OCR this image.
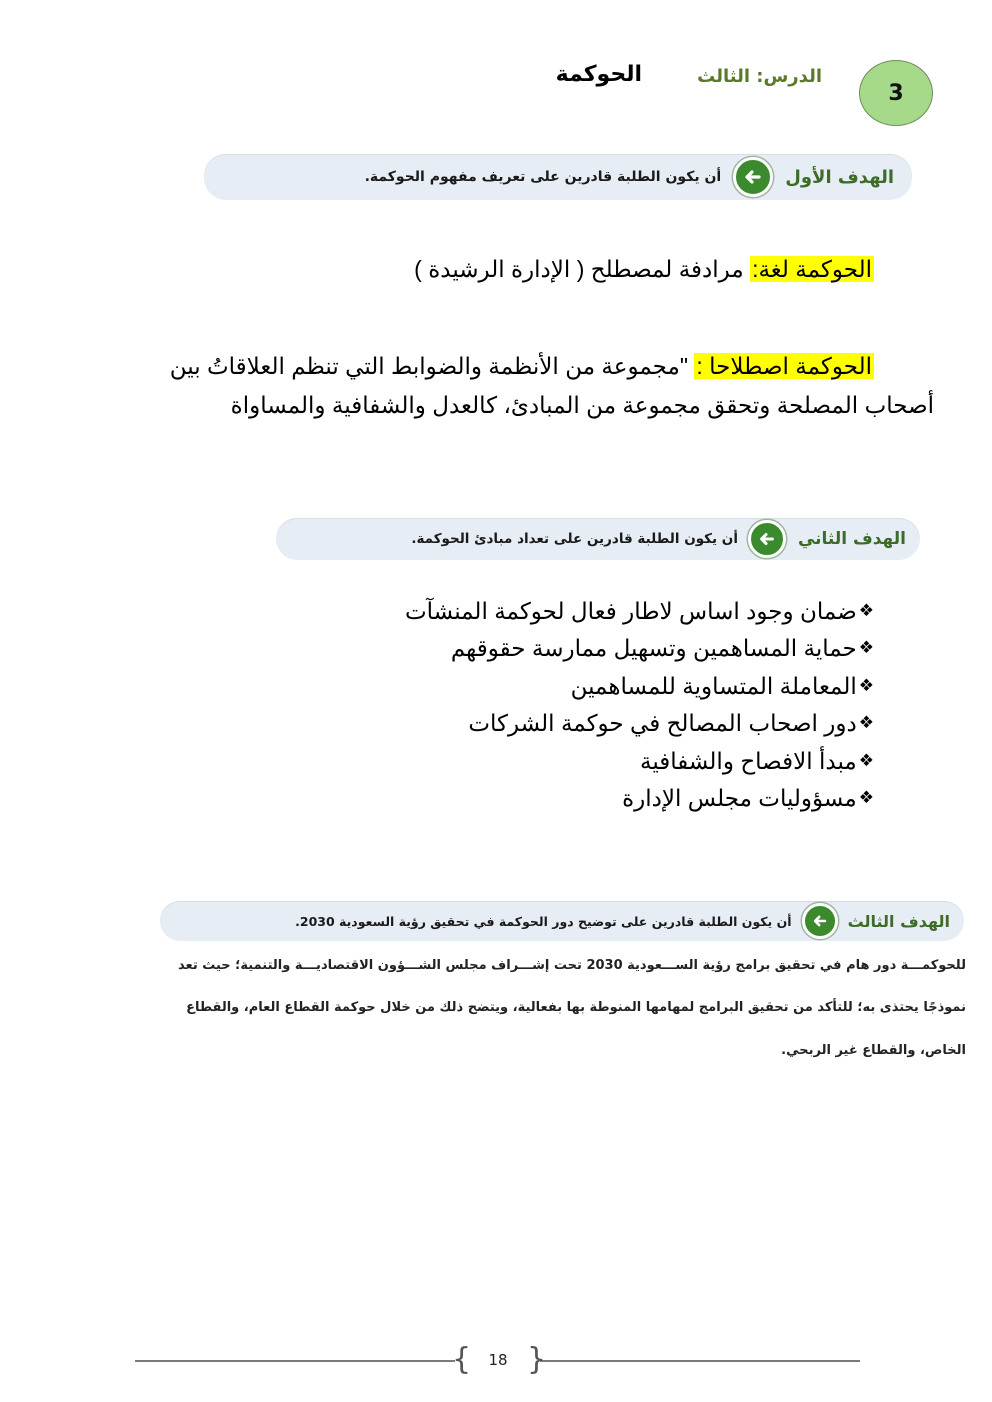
3
الدرس: الثالث
الحوكمة
الهدف الأول
أن يكون الطلبة قادرين على تعريف مفهوم الحوكمة.
الحوكمة لغة: مرادفة لمصطلح ( الإدارة الرشيدة )
الحوكمة اصطلاحا : "مجموعة من الأنظمة والضوابط التي تنظم العلاقاتُ بين
أصحاب المصلحة وتحقق مجموعة من المبادئ، كالعدل والشفافية والمساواة
الهدف الثاني
أن يكون الطلبة قادرين على تعداد مبادئ الحوكمة.
❖
ضمان وجود اساس لاطار فعال لحوكمة المنشآت
❖
حماية المساهمين وتسهيل ممارسة حقوقهم
❖
المعاملة المتساوية للمساهمين
❖
دور اصحاب المصالح في حوكمة الشركات
❖
مبدأ الافصاح والشفافية
❖
مسؤوليات مجلس الإدارة
الهدف الثالث
أن يكون الطلبة قادرين على توضيح دور الحوكمة في تحقيق رؤية السعودية 2030.
للحوكمـــة دور هام في تحقيق برامج رؤية الســـعودية 2030 تحت إشـــراف مجلس الشـــؤون الاقتصاديـــة والتنمية؛ حيث تعد
نموذجًا يحتذى به؛ للتأكد من تحقيق البرامج لمهامها المنوطة بها بفعالية، ويتضح ذلك من خلال حوكمة القطاع العام، والقطاع
الخاص، والقطاع غير الربحي.
{ }
18
